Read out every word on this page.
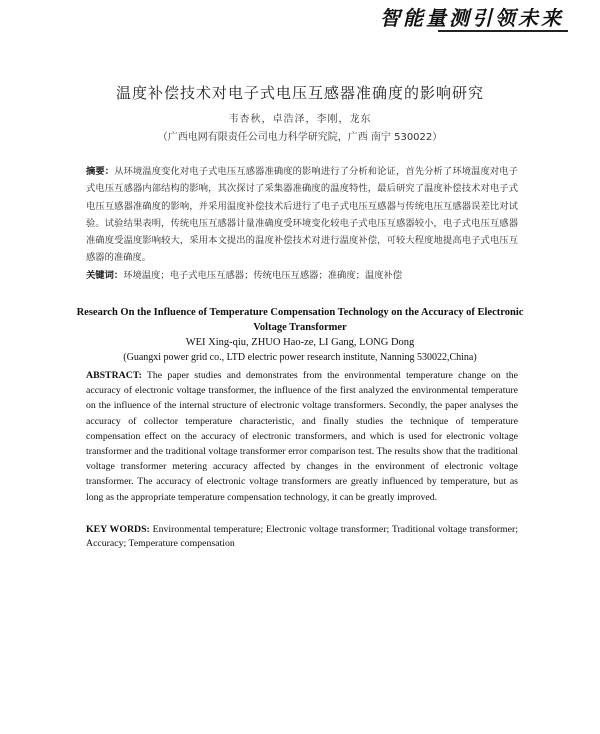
智能量测引领未来
温度补偿技术对电子式电压互感器准确度的影响研究
韦杏秋，卓浩泽，李刚，龙东
（广西电网有限责任公司电力科学研究院，广西 南宁 530022）
摘要：从环境温度变化对电子式电压互感器准确度的影响进行了分析和论证，首先分析了环境温度对电子式电压互感器内部结构的影响，其次探讨了采集器准确度的温度特性，最后研究了温度补偿技术对电子式电压互感器准确度的影响，并采用温度补偿技术后进行了电子式电压互感器与传统电压互感器误差比对试验。试验结果表明，传统电压互感器计量准确度受环境变化较电子式电压互感器较小，电子式电压互感器准确度受温度影响较大，采用本文提出的温度补偿技术对进行温度补偿，可较大程度地提高电子式电压互感器的准确度。
关键词：环境温度；电子式电压互感器；传统电压互感器；准确度；温度补偿
Research On the Influence of Temperature Compensation Technology on the Accuracy of Electronic Voltage Transformer
WEI Xing-qiu, ZHUO Hao-ze, LI Gang, LONG Dong
(Guangxi power grid co., LTD electric power research institute, Nanning 530022,China)
ABSTRACT: The paper studies and demonstrates from the environmental temperature change on the accuracy of electronic voltage transformer, the influence of the first analyzed the environmental temperature on the influence of the internal structure of electronic voltage transformers. Secondly, the paper analyses the accuracy of collector temperature characteristic, and finally studies the technique of temperature compensation effect on the accuracy of electronic transformers, and which is used for electronic voltage transformer and the traditional voltage transformer error comparison test. The results show that the traditional voltage transformer metering accuracy affected by changes in the environment of electronic voltage transformer. The accuracy of electronic voltage transformers are greatly influenced by temperature, but as long as the appropriate temperature compensation technology, it can be greatly improved.
KEY WORDS: Environmental temperature; Electronic voltage transformer; Traditional voltage transformer; Accuracy; Temperature compensation
